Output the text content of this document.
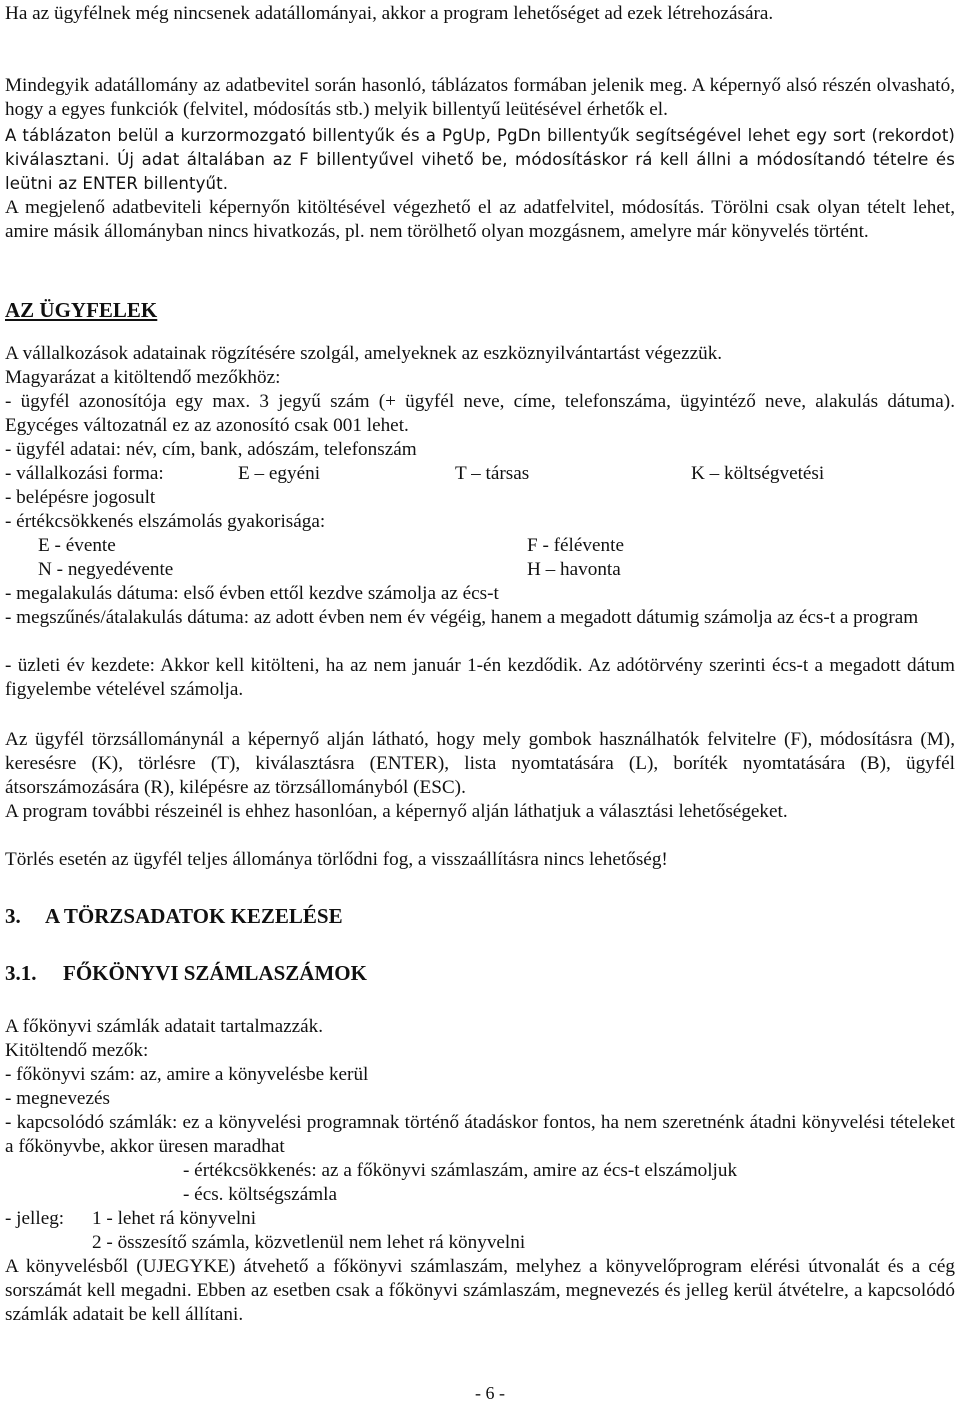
Ha az ügyfélnek még nincsenek adatállományai, akkor a program lehetőséget ad ezek létrehozására.

Mindegyik adatállomány az adatbevitel során hasonló, táblázatos formában jelenik meg. A képernyő alsó részén olvasható, hogy a egyes funkciók (felvitel, módosítás stb.) melyik billentyű leütésével érhetők el.

A táblázaton belül a kurzormozgató billentyűk és a PgUp, PgDn billentyűk segítségével lehet egy sort (rekordot) kiválasztani. Új adat általában az F billentyűvel vihető be, módosításkor rá kell állni a módosítandó tételre és leütni az ENTER billentyűt.

A megjelenő adatbeviteli képernyőn kitöltésével végezhető el az adatfelvitel, módosítás. Törölni csak olyan tételt lehet, amire másik állományban nincs hivatkozás, pl. nem törölhető olyan mozgásnem, amelyre már könyvelés történt.

AZ ÜGYFELEK

A vállalkozások adatainak rögzítésére szolgál, amelyeknek az eszköznyilvántartást végezzük.

Magyarázat a kitöltendő mezőkhöz:

- ügyfél azonosítója egy max. 3 jegyű szám (+ ügyfél neve, címe, telefonszáma, ügyintéző neve, alakulás dátuma). Egycéges változatnál ez az azonosító csak 001 lehet.

- ügyfél adatai: név, cím, bank, adószám, telefonszám

- vállalkozási forma:	E – egyéni	T – társas	K – költségvetési

- belépésre jogosult

- értékcsökkenés elszámolás gyakorisága:

E - évente	F - félévente
N - negyedévente	H – havonta

- megalakulás dátuma: első évben ettől kezdve számolja az écs-t

- megszűnés/átalakulás dátuma: az adott évben nem év végéig, hanem a megadott dátumig számolja az écs-t a program

- üzleti év kezdete: Akkor kell kitölteni, ha az nem január 1-én kezdődik. Az adótörvény szerinti écs-t a megadott dátum figyelembe vételével számolja.

Az ügyfél törzsállománynál a képernyő alján látható, hogy mely gombok használhatók felvitelre (F), módosításra (M), keresésre (K), törlésre (T), kiválasztásra (ENTER), lista nyomtatására (L), boríték nyomtatására (B), ügyfél átsorszámozására (R), kilépésre az törzsállományból (ESC).

A program további részeinél is ehhez hasonlóan, a képernyő alján láthatjuk a választási lehetőségeket.

Törlés esetén az ügyfél teljes állománya törlődni fog, a visszaállításra nincs lehetőség!

3. A TÖRZSADATOK KEZELÉSE
3.1. FŐKÖNYVI SZÁMLASZÁMOK

A főkönyvi számlák adatait tartalmazzák.

Kitöltendő mezők:

- főkönyvi szám: az, amire a könyvelésbe kerül

- megnevezés

- kapcsolódó számlák: ez a könyvelési programnak történő átadáskor fontos, ha nem szeretnénk átadni könyvelési tételeket a főkönyvbe, akkor üresen maradhat

- értékcsökkenés: az a főkönyvi számlaszám, amire az écs-t elszámoljuk

- écs. költségszámla

- jelleg: 1 - lehet rá könyvelni
2 - összesítő számla, közvetlenül nem lehet rá könyvelni

A könyvelésből (UJEGYKE) átvehető a főkönyvi számlaszám, melyhez a könyvelőprogram elérési útvonalát és a cég sorszámát kell megadni. Ebben az esetben csak a főkönyvi számlaszám, megnevezés és jelleg kerül átvételre, a kapcsolódó számlák adatait be kell állítani.

- 6 -
